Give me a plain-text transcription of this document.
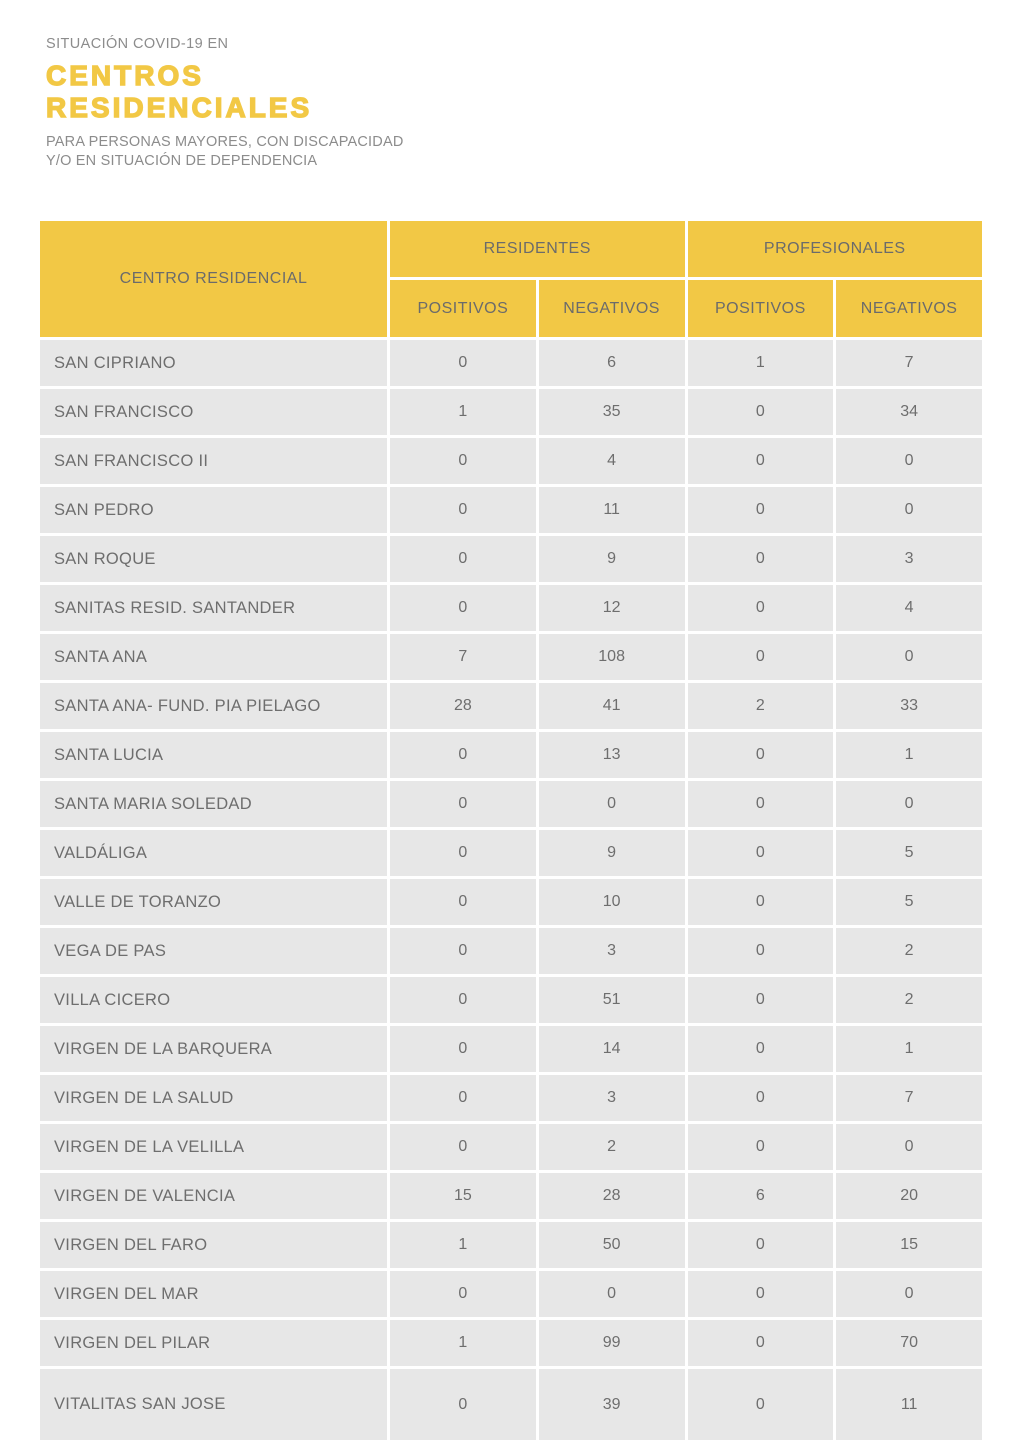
SITUACIÓN COVID-19 EN
CENTROS
RESIDENCIALES
PARA PERSONAS MAYORES, CON DISCAPACIDAD
Y/O EN SITUACIÓN DE DEPENDENCIA
CENTRO RESIDENCIAL
RESIDENTES	PROFESIONALES
POSITIVOS	NEGATIVOS	POSITIVOS	NEGATIVOS
SAN CIPRIANO	0	6	1	7
SAN FRANCISCO	1	35	0	34
SAN FRANCISCO II	0	4	0	0
SAN PEDRO	0	11	0	0
SAN ROQUE	0	9	0	3
SANITAS RESID. SANTANDER	0	12	0	4
SANTA ANA	7	108	0	0
SANTA ANA- FUND. PIA PIELAGO	28	41	2	33
SANTA LUCIA	0	13	0	1
SANTA MARIA SOLEDAD	0	0	0	0
VALDÁLIGA	0	9	0	5
VALLE DE TORANZO	0	10	0	5
VEGA DE PAS	0	3	0	2
VILLA CICERO	0	51	0	2
VIRGEN DE LA BARQUERA	0	14	0	1
VIRGEN DE LA SALUD	0	3	0	7
VIRGEN DE LA VELILLA	0	2	0	0
VIRGEN DE VALENCIA	15	28	6	20
VIRGEN DEL FARO	1	50	0	15
VIRGEN DEL MAR	0	0	0	0
VIRGEN DEL PILAR	1	99	0	70
VITALITAS SAN JOSE	0	39	0	11
